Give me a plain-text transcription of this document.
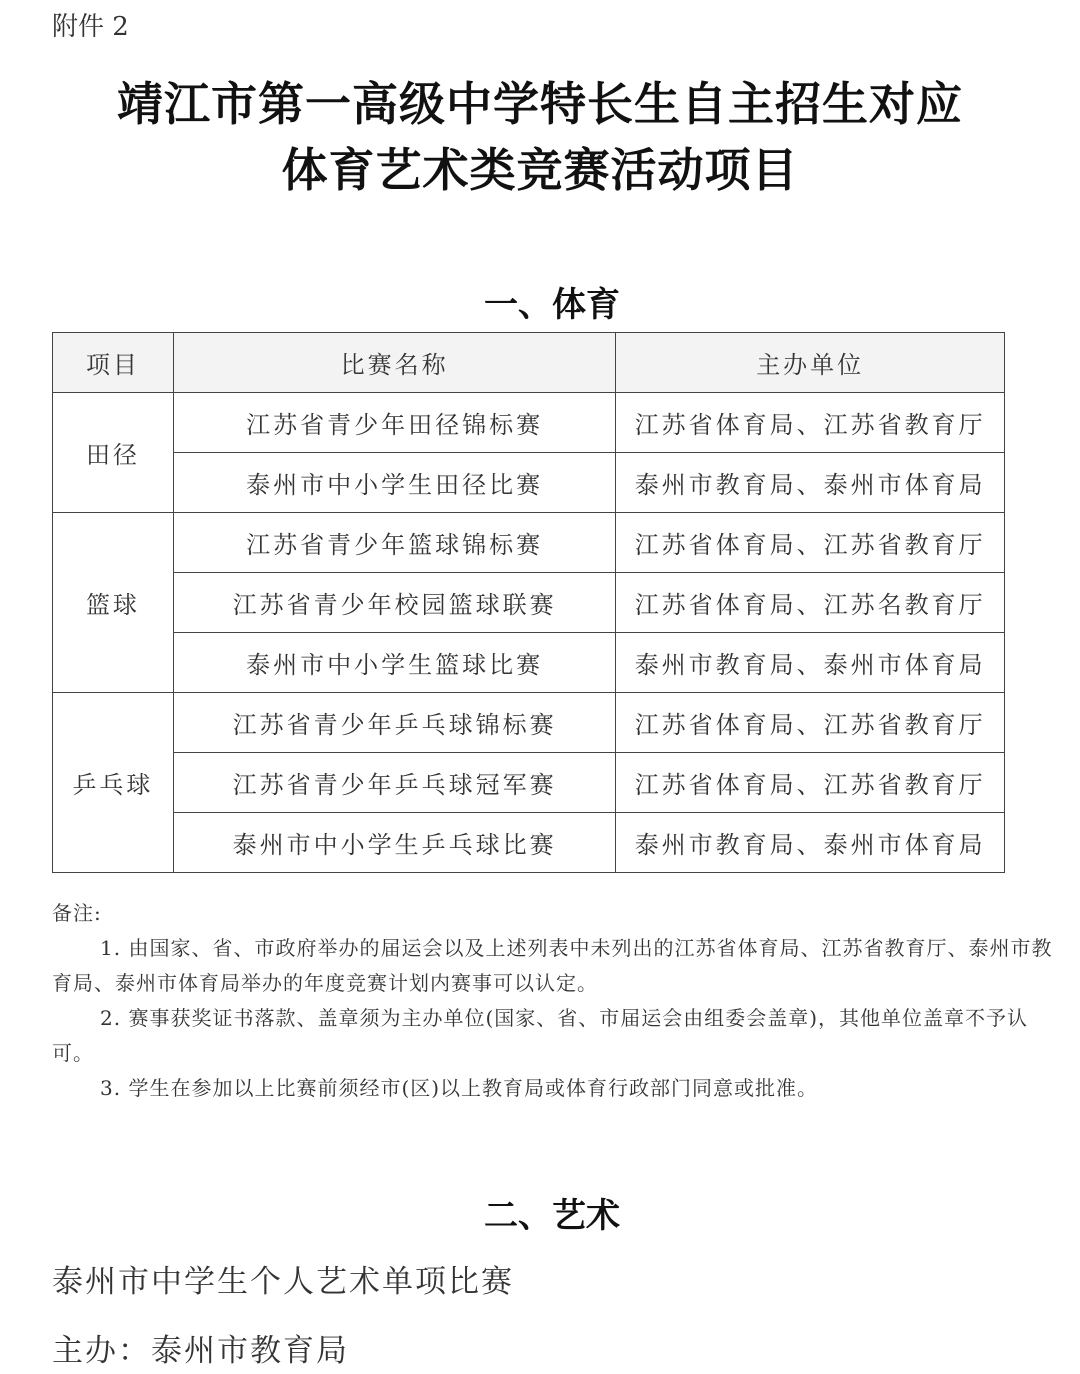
附件 2
靖江市第一高级中学特长生自主招生对应
体育艺术类竞赛活动项目
一、体育
项目	比赛名称	主办单位
田径	江苏省青少年田径锦标赛	江苏省体育局、江苏省教育厅
	泰州市中小学生田径比赛	泰州市教育局、泰州市体育局
篮球	江苏省青少年篮球锦标赛	江苏省体育局、江苏省教育厅
	江苏省青少年校园篮球联赛	江苏省体育局、江苏名教育厅
	泰州市中小学生篮球比赛	泰州市教育局、泰州市体育局
乒乓球	江苏省青少年乒乓球锦标赛	江苏省体育局、江苏省教育厅
	江苏省青少年乒乓球冠军赛	江苏省体育局、江苏省教育厅
	泰州市中小学生乒乓球比赛	泰州市教育局、泰州市体育局

备注:

1. 由国家、省、市政府举办的届运会以及上述列表中未列出的江苏省体育局、江苏省教育厅、泰州市教育局、泰州市体育局举办的年度竞赛计划内赛事可以认定。

2. 赛事获奖证书落款、盖章须为主办单位(国家、省、市届运会由组委会盖章)，其他单位盖章不予认可。

3. 学生在参加以上比赛前须经市(区)以上教育局或体育行政部门同意或批准。

二、艺术
泰州市中学生个人艺术单项比赛
主办：泰州市教育局
